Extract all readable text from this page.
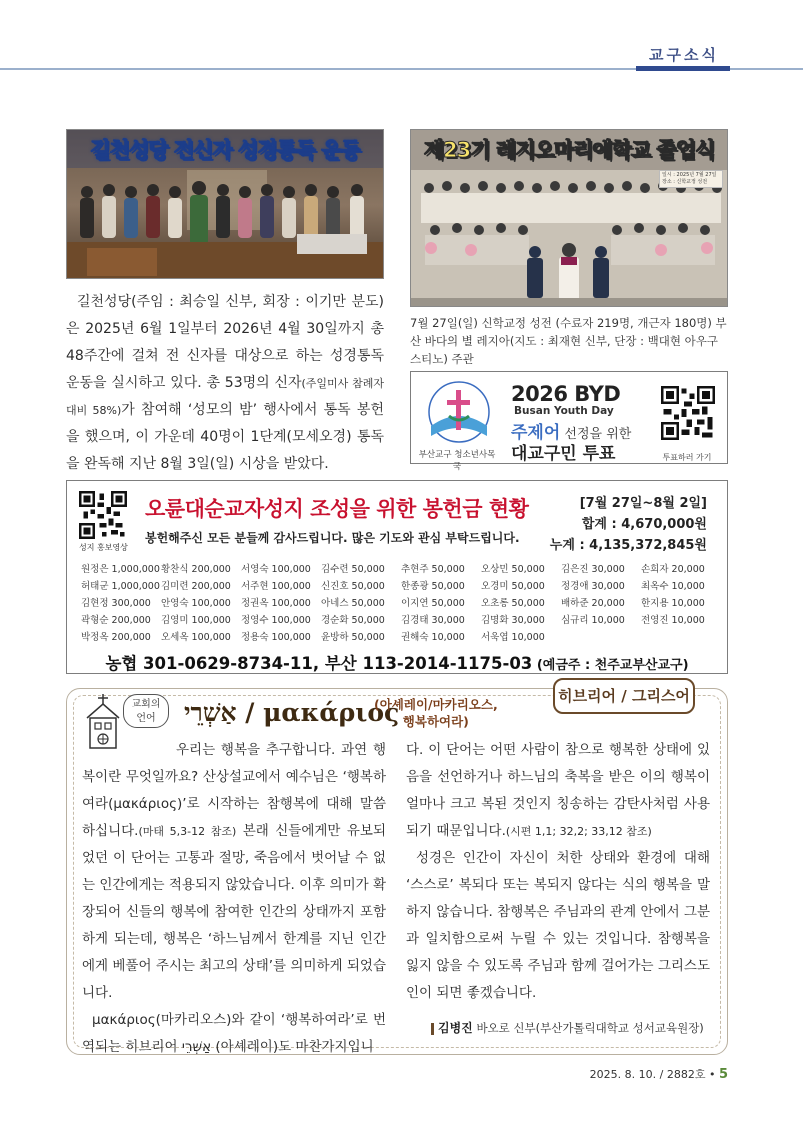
교구소식
길천성당 전신자 성경통독 운동	제23기 레지오마리애학교 졸업식
일시 : 2025년 7월 27일
장소 : 신학교정 성전
길천성당(주임 : 최승일 신부, 회장 : 이기만 분도)은 2025년 6월 1일부터 2026년 4월 30일까지 총 48주간에 걸쳐 전 신자를 대상으로 하는 성경통독 운동을 실시하고 있다. 총 53명의 신자(주일미사 참례자 대비 58%)가 참여해 ‘성모의 밤’ 행사에서 통독 봉헌을 했으며, 이 가운데 40명이 1단계(모세오경) 통독을 완독해 지난 8월 3일(일) 시상을 받았다.
7월 27일(일) 신학교정 성전 (수료자 219명, 개근자 180명) 부산 바다의 별 레지아(지도 : 최재현 신부, 단장 : 백대현 아우구스티노) 주관
부산교구 청소년사목국
2026 BYD
Busan Youth Day
주제어 선정을 위한
대교구민 투표	투표하러 가기
성지 홍보영상
오륜대순교자성지 조성을 위한 봉헌금 현황
봉헌해주신 모든 분들께 감사드립니다. 많은 기도와 관심 부탁드립니다.
[7월 27일~8월 2일]
합계 : 4,670,000원
누계 : 4,135,372,845원
원정은 1,000,000 황찬식 200,000	서영숙 100,000	김수련 50,000	추현주 50,000	오상민 50,000	김은진 30,000	손희자 20,000
허태군 1,000,000 김미련 200,000	서주현 100,000	신진호 50,000	한종광 50,000	오경미 50,000	정경애 30,000	최옥수 10,000
김현정 300,000	안영숙 100,000	정권옥 100,000	아네스 50,000	이지연 50,000	오초롱 50,000	배하준 20,000	한지용 10,000
곽형순 200,000	김영미 100,000	정영수 100,000	경순화 50,000	김경태 30,000	김명화 30,000	심규리 10,000	전영진 10,000
박정옥 200,000	오세옥 100,000	정용숙 100,000	윤방하 50,000	권해숙 10,000	서욱엽 10,000
농협 301-0629-8734-11, 부산 113-2014-1175-03 (예금주 : 천주교부산교구)
교회의
언어	אַשְׁרֵי / μακάριος
(아셰레이/마카리오스,
행복하여라)
히브리어 / 그리스어

우리는 행복을 추구합니다. 과연 행복이란 무엇일까요? 산상설교에서 예수님은 ‘행복하여라(μακάριος)’로 시작하는 참행복에 대해 말씀하십니다.(마태 5,3-12 참조) 본래 신들에게만 유보되었던 이 단어는 고통과 절망, 죽음에서 벗어날 수 없는 인간에게는 적용되지 않았습니다. 이후 의미가 확장되어 신들의 행복에 참여한 인간의 상태까지 포함하게 되는데, 행복은 ‘하느님께서 한계를 지닌 인간에게 베풀어 주시는 최고의 상태’를 의미하게 되었습니다.

μακάριος(마카리오스)와 같이 ‘행복하여라’로 번역되는 히브리어 אַשְׁרֵי (아셰레이)도 마찬가지입니

다. 이 단어는 어떤 사람이 참으로 행복한 상태에 있음을 선언하거나 하느님의 축복을 받은 이의 행복이 얼마나 크고 복된 것인지 칭송하는 감탄사처럼 사용되기 때문입니다.(시편 1,1; 32,2; 33,12 참조)

성경은 인간이 자신이 처한 상태와 환경에 대해 ‘스스로’ 복되다 또는 복되지 않다는 식의 행복을 말하지 않습니다. 참행복은 주님과의 관계 안에서 그분과 일치함으로써 누릴 수 있는 것입니다. 참행복을 잃지 않을 수 있도록 주님과 함께 걸어가는 그리스도인이 되면 좋겠습니다.

김병진 바오로 신부(부산가톨릭대학교 성서교육원장)
2025. 8. 10. / 2882호 • 5
